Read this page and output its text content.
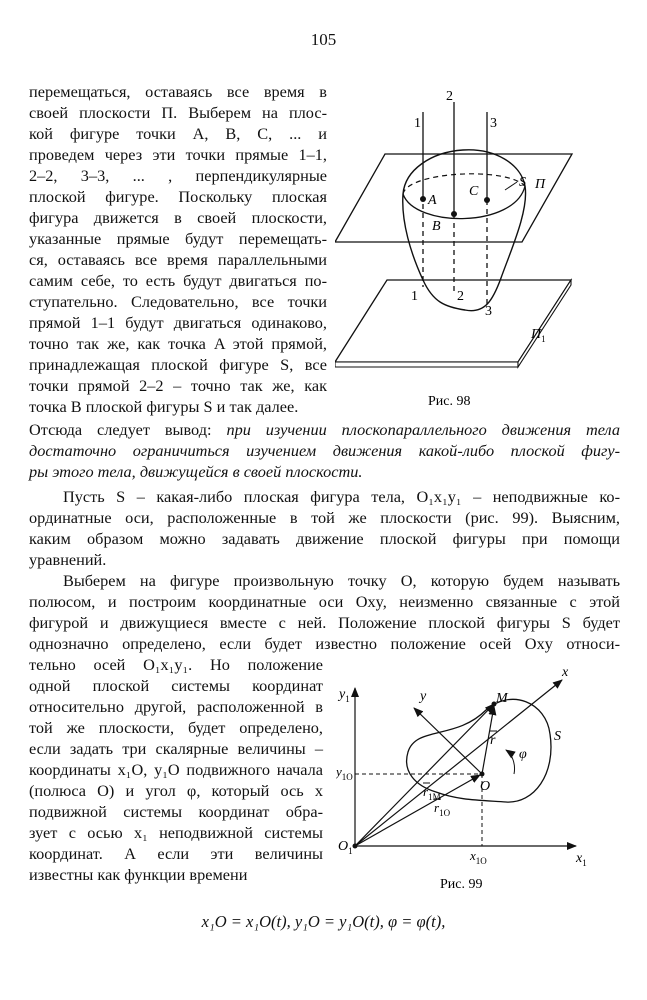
105
перемещаться, оставаясь все время в
своей плоскости Π. Выберем на плос-
кой фигуре точки A, B, C, ... и
проведем через эти точки прямые 1–1,
2–2, 3–3, ... , перпендикулярные
плоской фигуре. Поскольку плоская
фигура движется в своей плоскости,
указанные прямые будут перемещать-
ся, оставаясь все время параллельными
самим себе, то есть будут двигаться по-
ступательно. Следовательно, все точки
прямой 1–1 будут двигаться одинаково,
точно так же, как точка A этой прямой,
принадлежащая плоской фигуре S, все
точки прямой 2–2 – точно так же, как
точка B плоской фигуры S и так далее.
1
2
3
A
B
C
S Π
1	2
3
$\Pi_1$
Рис. 98
Отсюда следует вывод: при изучении плоскопараллельного движения тела
достаточно ограничиться изучением движения какой-либо плоской фигу-
ры этого тела, движущейся в своей плоскости.
Пусть S – какая-либо плоская фигура тела, O₁x₁y₁ – неподвижные ко-
ординатные оси, расположенные в той же плоскости (рис. 99). Выясним,
каким образом можно задавать движение плоской фигуры при помощи
уравнений.
Выберем на фигуре произвольную точку O, которую будем называть
полюсом, и построим координатные оси Oxy, неизменно связанные с этой
фигурой и движущиеся вместе с ней. Положение плоской фигуры S будет
однозначно определено, если будет известно положение осей Oxy относи-
тельно осей O₁x₁y₁. Но положение
одной плоской системы координат
относительно другой, расположенной в
той же плоскости, будет определено,
если задать три скалярные величины –
координаты x₁O, y₁O подвижного начала
(полюса O) и угол φ, который ось x
подвижной системы координат обра-
зует с осью x₁ неподвижной системы
координат. А если эти величины
известны как функции времени
$y_1$
$x_1$
$O_1$
x
y	M
S
O
r
φ
$r_{1M}$
$r_{1O}$
$y_{1O}$
$x_{1O}$
Рис. 99
x₁O = x₁O(t), y₁O = y₁O(t), φ = φ(t),
